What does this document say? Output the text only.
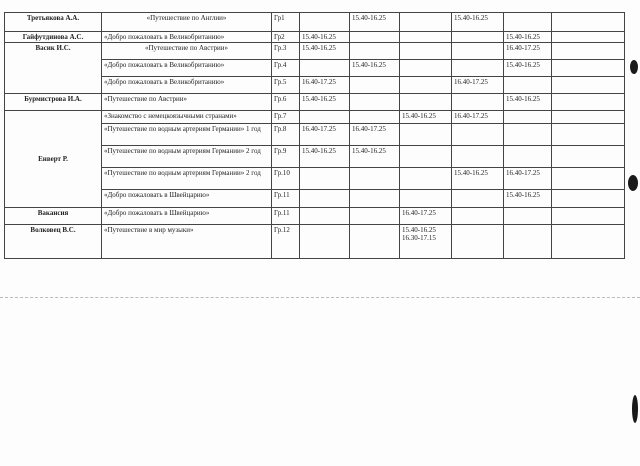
Третьякова А.А.	«Путешествие по Англии»	Гр1		15.40-16.25		15.40-16.25		
Гайфутдинова А.С.	«Добро пожаловать в Великобританию»	Гр2	15.40-16.25				15.40-16.25	
Васик И.С.	«Путешествие по Австрии»	Гр.3	15.40-16.25				16.40-17.25	
	«Добро пожаловать в Великобританию»	Гр.4		15.40-16.25			15.40-16.25	
	«Добро пожаловать в Великобританию»	Гр.5	16.40-17.25			16.40-17.25		
Бурмистрова И.А.	«Путешествие по Австрии»	Гр.6	15.40-16.25				15.40-16.25	
Енверт Р.	«Знакомство с немецкоязычными странами»	Гр.7			15.40-16.25	16.40-17.25		
	«Путешествие по водным артериям Германии» 1 год	Гр.8	16.40-17.25	16.40-17.25				
	«Путешествие по водным артериям Германии» 2 год	Гр.9	15.40-16.25	15.40-16.25				
	«Путешествие по водным артериям Германии» 2 год	Гр.10				15.40-16.25	16.40-17.25	
	«Добро пожаловать в Швейцарию»	Гр.11					15.40-16.25	
Вакансия	«Добро пожаловать в Швейцарию»	Гр.11			16.40-17.25			
Волковец В.С.	«Путешествие в мир музыки»	Гр.12			15.40-16.25
16.30-17.15			
